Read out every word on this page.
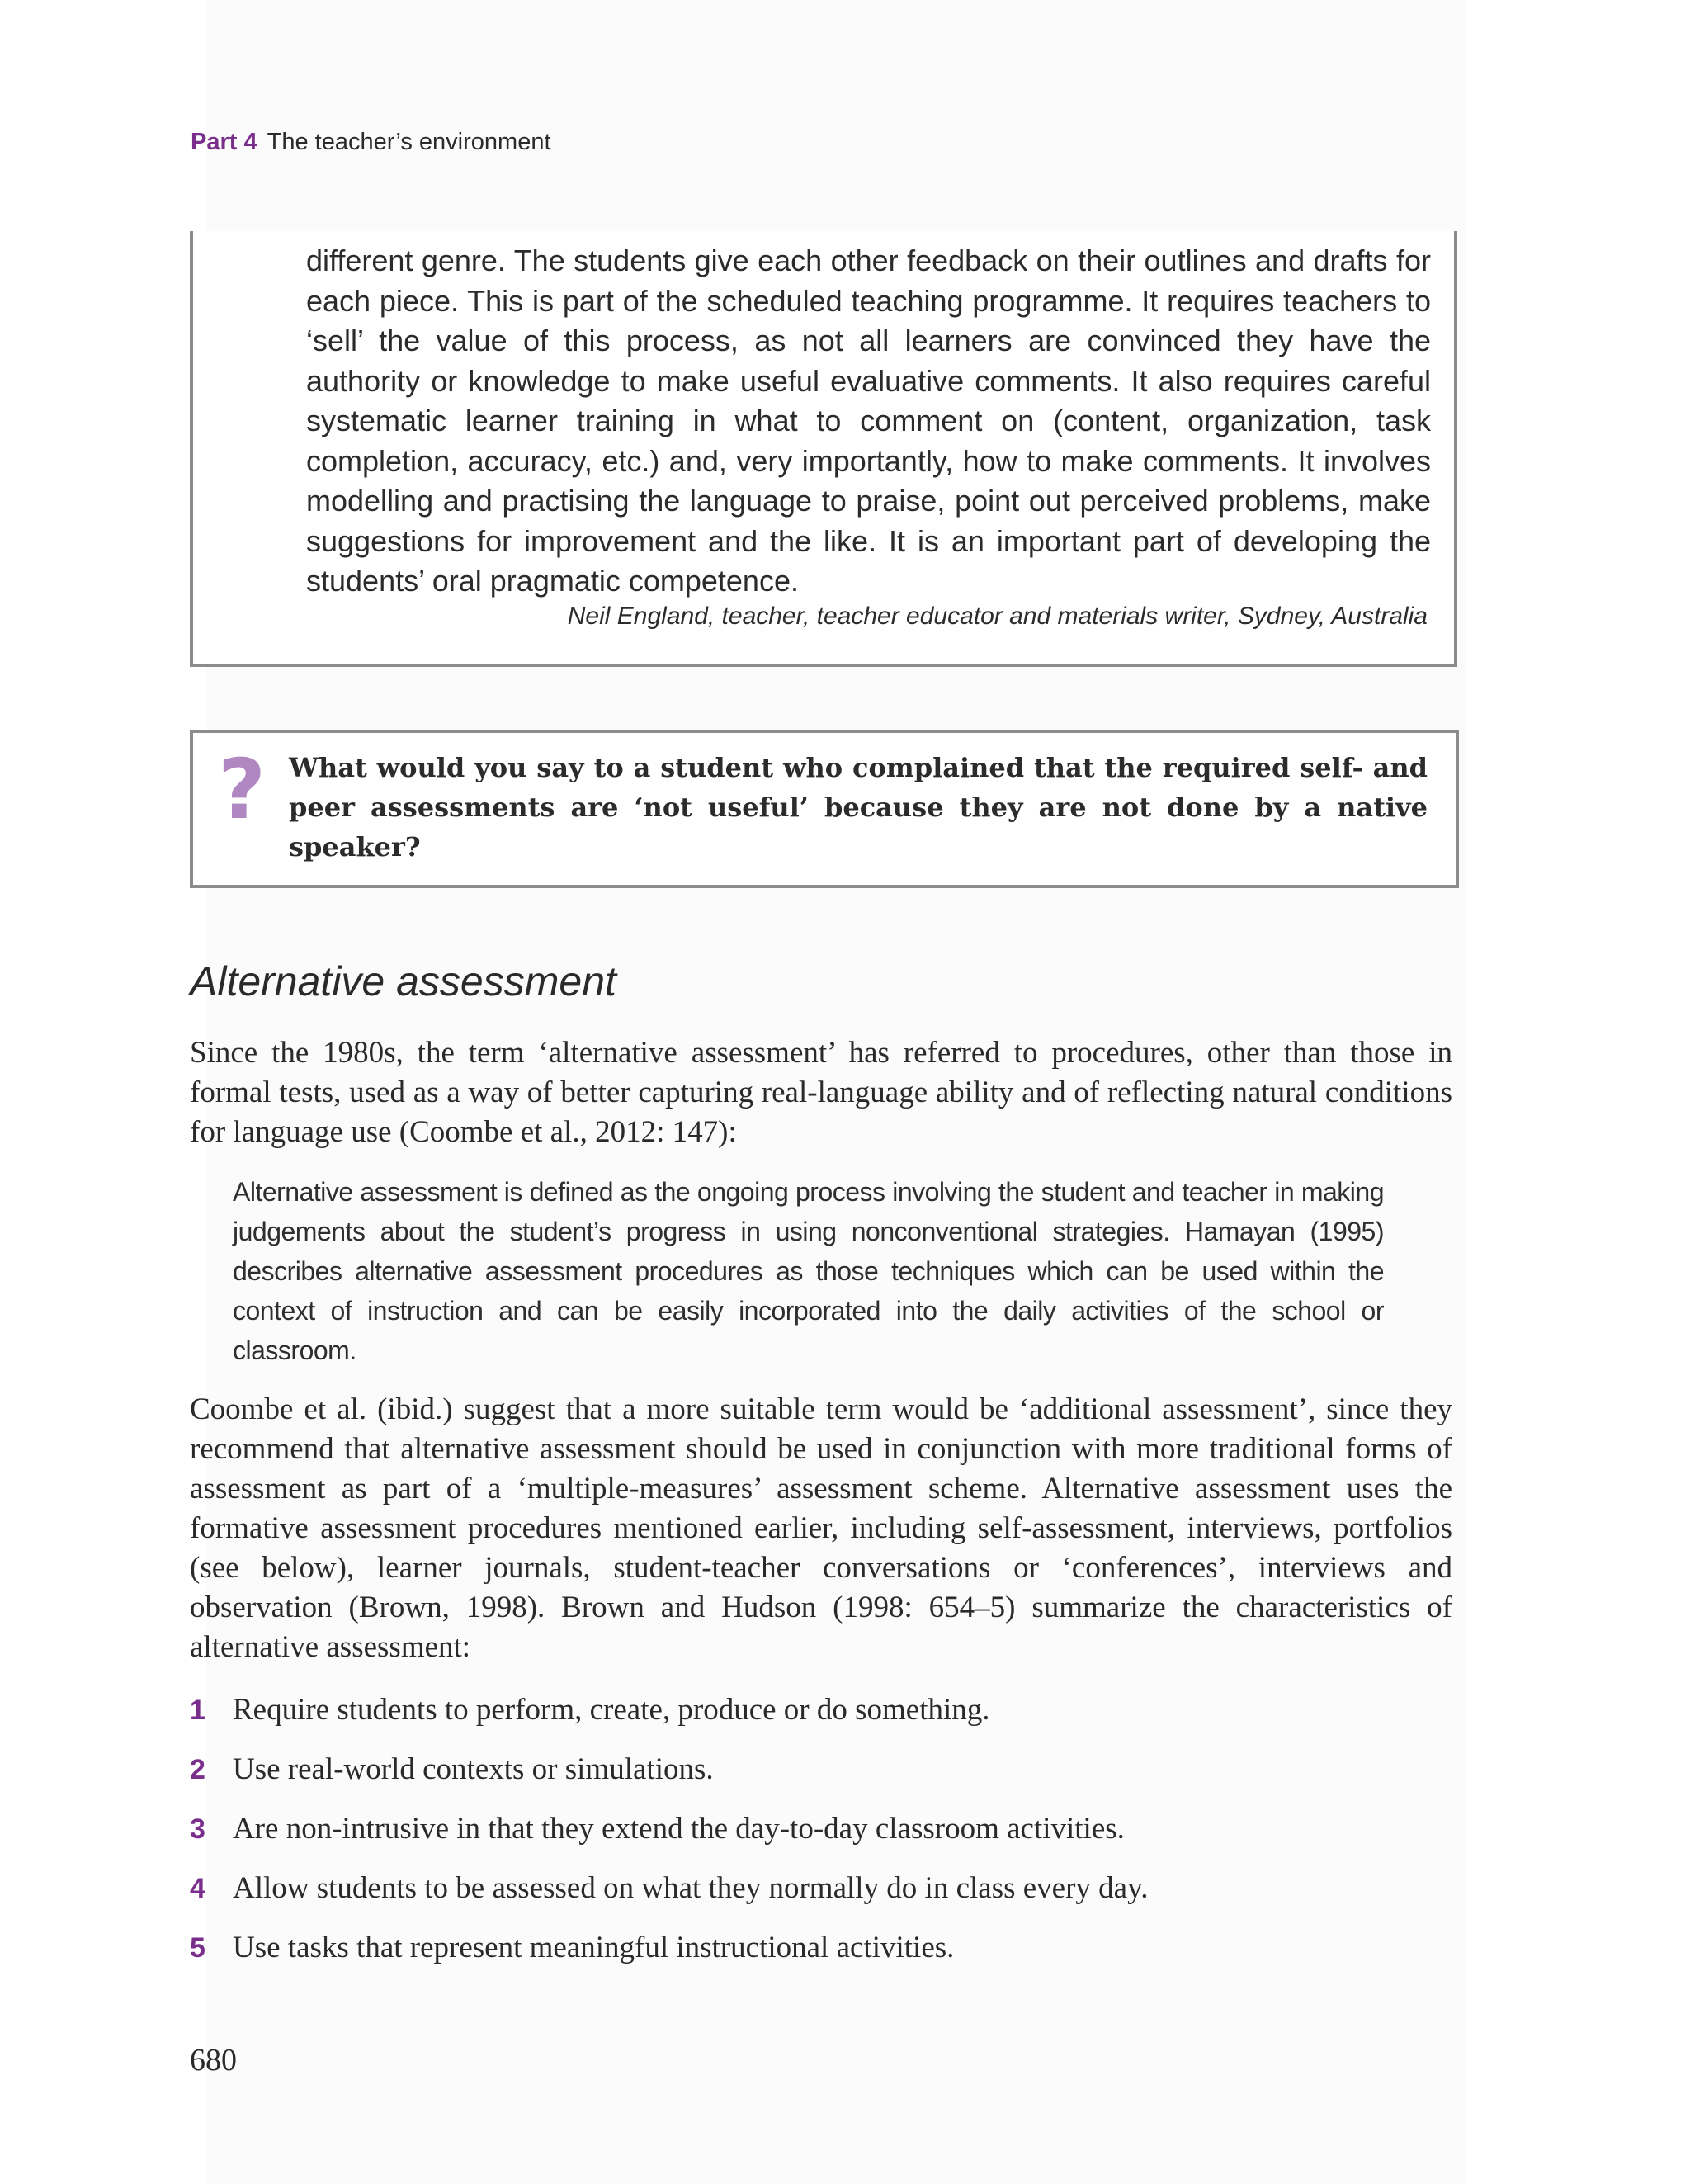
Part 4 The teacher’s environment
different genre. The students give each other feedback on their outlines and drafts for each piece. This is part of the scheduled teaching programme. It requires teachers to ‘sell’ the value of this process, as not all learners are convinced they have the authority or knowledge to make useful evaluative comments. It also requires careful systematic learner training in what to comment on (content, organization, task completion, accuracy, etc.) and, very importantly, how to make comments. It involves modelling and practising the language to praise, point out perceived problems, make suggestions for improvement and the like. It is an important part of developing the students’ oral pragmatic competence.
Neil England, teacher, teacher educator and materials writer, Sydney, Australia
? What would you say to a student who complained that the required self- and peer assessments are ‘not useful’ because they are not done by a native speaker?
Alternative assessment
Since the 1980s, the term ‘alternative assessment’ has referred to procedures, other than those in formal tests, used as a way of better capturing real-language ability and of reflecting natural conditions for language use (Coombe et al., 2012: 147):
Alternative assessment is defined as the ongoing process involving the student and teacher in making judgements about the student’s progress in using nonconventional strategies. Hamayan (1995) describes alternative assessment procedures as those techniques which can be used within the context of instruction and can be easily incorporated into the daily activities of the school or classroom.
Coombe et al. (ibid.) suggest that a more suitable term would be ‘additional assessment’, since they recommend that alternative assessment should be used in conjunction with more traditional forms of assessment as part of a ‘multiple-measures’ assessment scheme. Alternative assessment uses the formative assessment procedures mentioned earlier, including self-assessment, interviews, portfolios (see below), learner journals, student-teacher conversations or ‘conferences’, interviews and observation (Brown, 1998). Brown and Hudson (1998: 654–5) summarize the characteristics of alternative assessment:
1 Require students to perform, create, produce or do something.
2 Use real-world contexts or simulations.
3 Are non-intrusive in that they extend the day-to-day classroom activities.
4 Allow students to be assessed on what they normally do in class every day.
5 Use tasks that represent meaningful instructional activities.
680
